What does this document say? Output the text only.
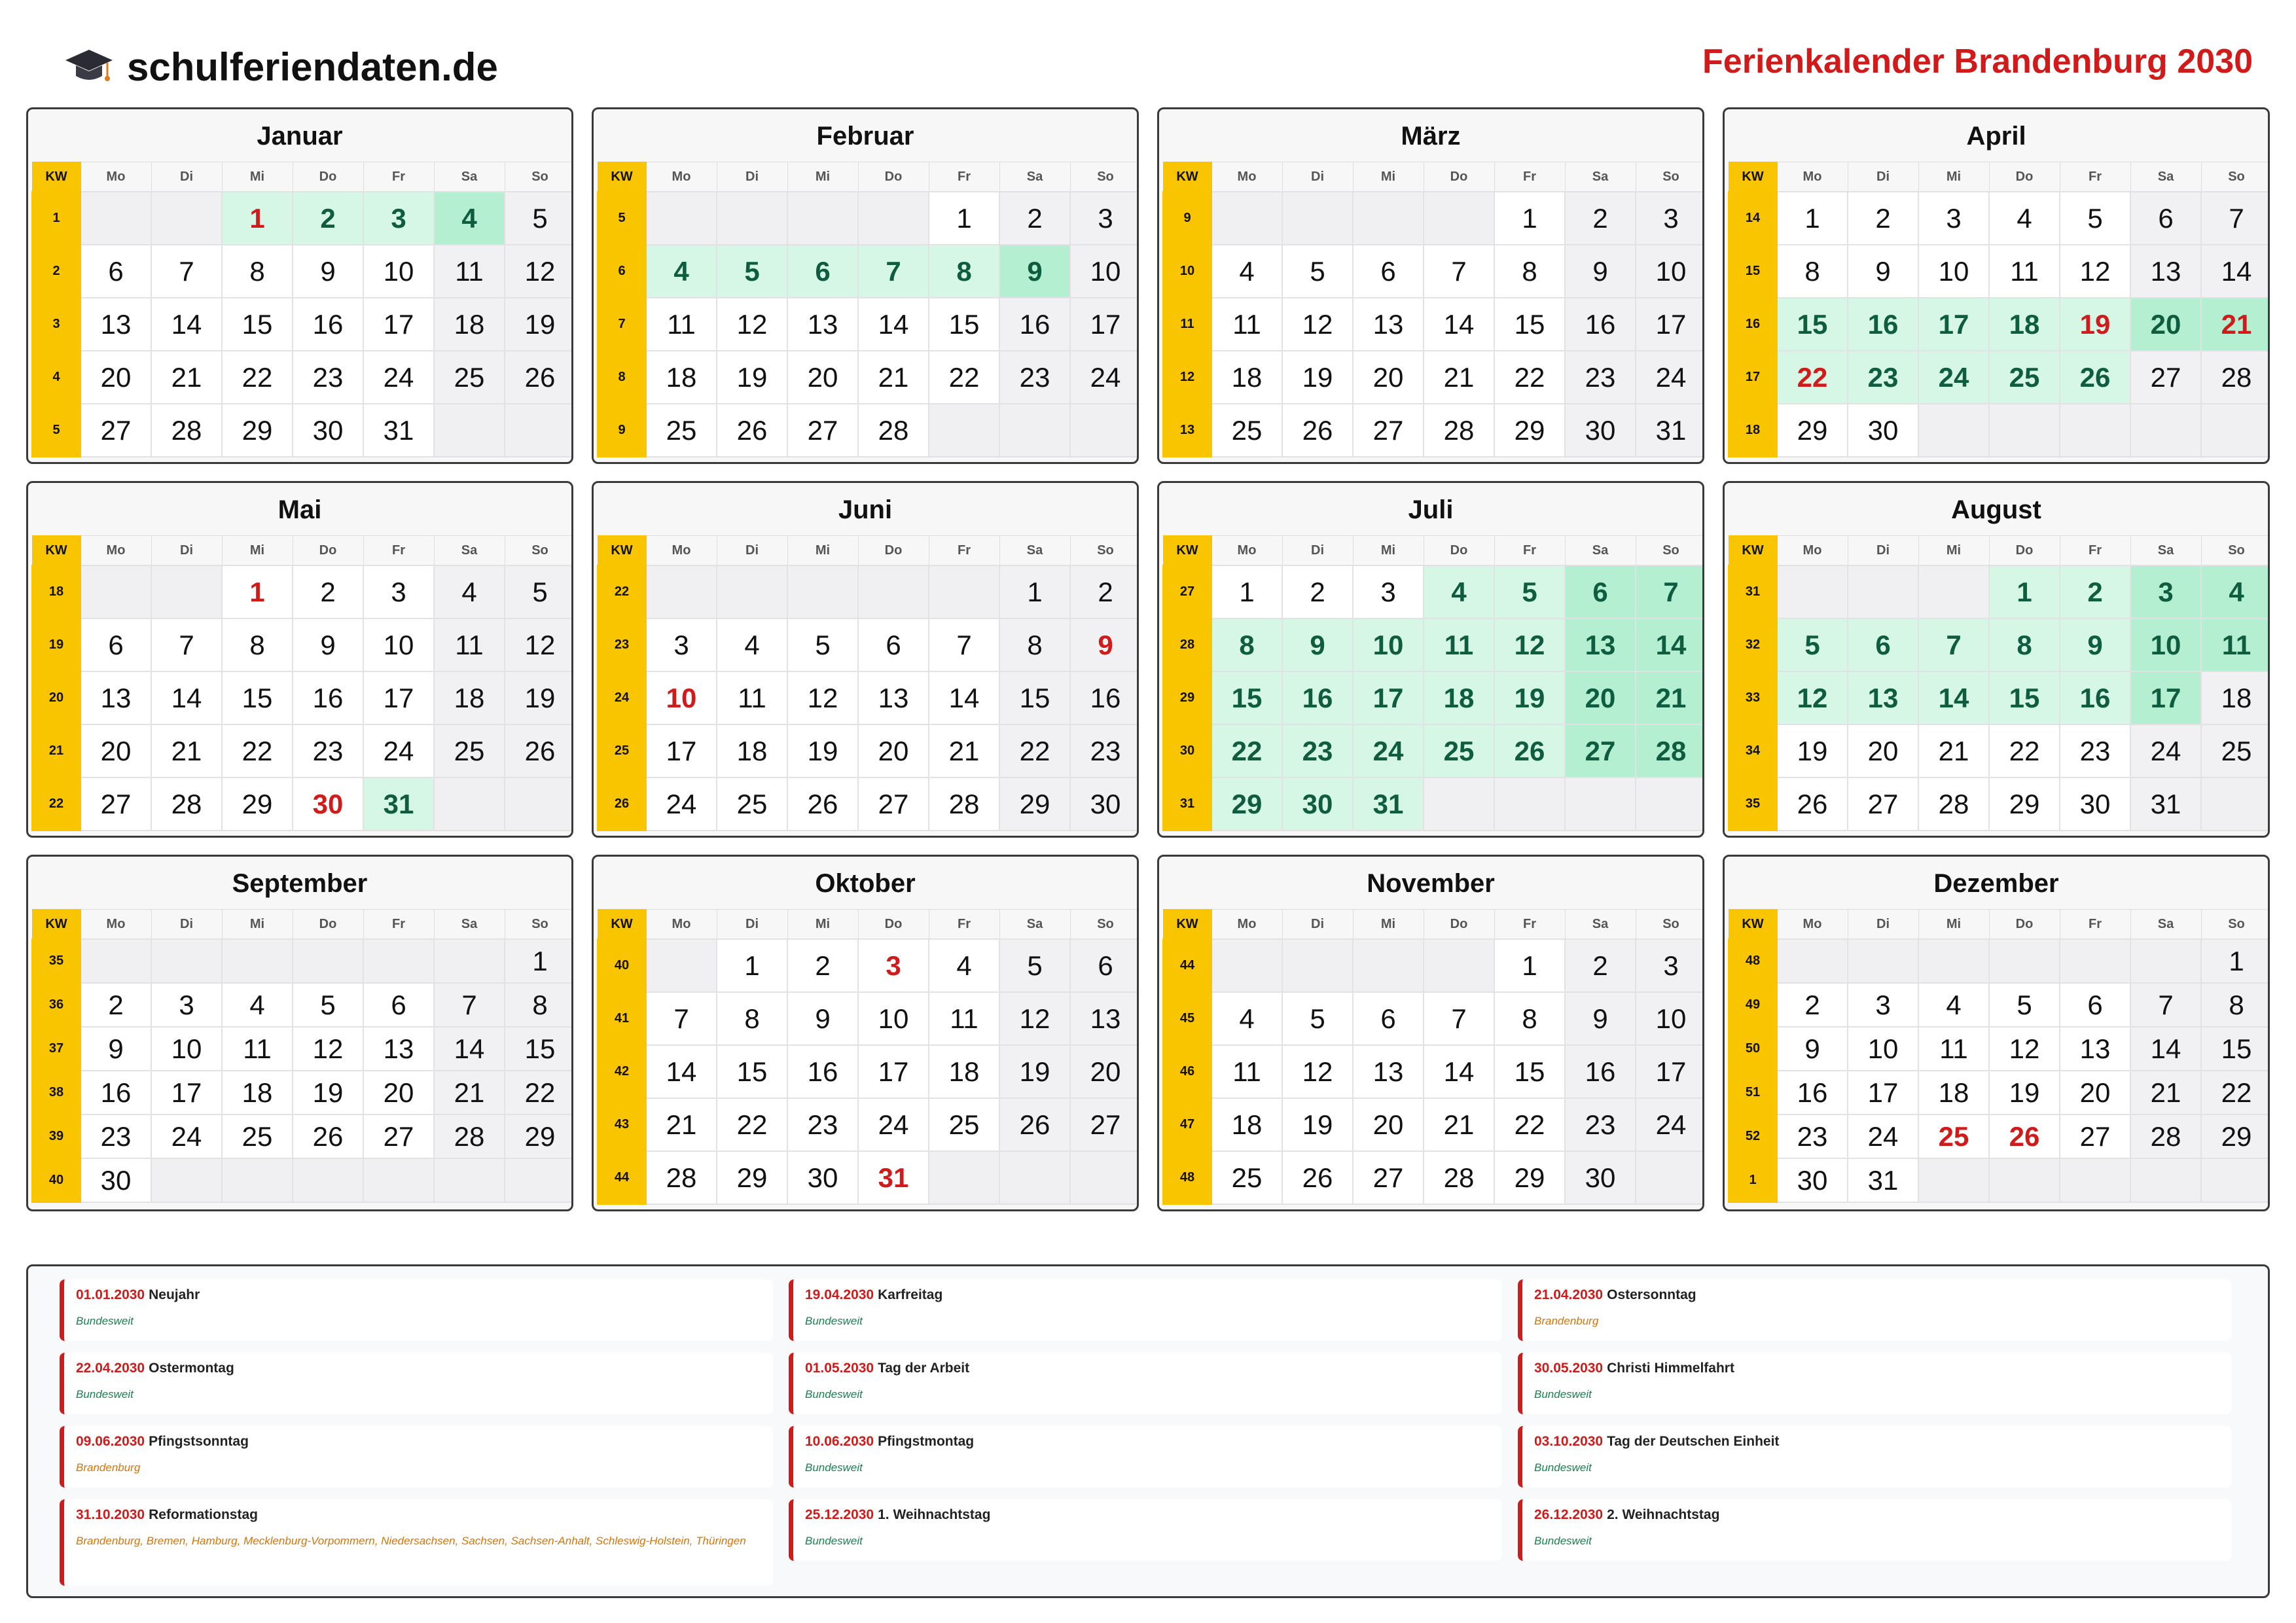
schulferiendaten.de	Ferienkalender Brandenburg 2030
Januar
KW	Mo	Di	Mi	Do	Fr	Sa	So
1			1	2	3	4	5
2	6	7	8	9	10	11	12
3	13	14	15	16	17	18	19
4	20	21	22	23	24	25	26
5	27	28	29	30	31		
Februar
KW	Mo	Di	Mi	Do	Fr	Sa	So
5					1	2	3
6	4	5	6	7	8	9	10
7	11	12	13	14	15	16	17
8	18	19	20	21	22	23	24
9	25	26	27	28			
März
KW	Mo	Di	Mi	Do	Fr	Sa	So
9					1	2	3
10	4	5	6	7	8	9	10
11	11	12	13	14	15	16	17
12	18	19	20	21	22	23	24
13	25	26	27	28	29	30	31
April
KW	Mo	Di	Mi	Do	Fr	Sa	So
14	1	2	3	4	5	6	7
15	8	9	10	11	12	13	14
16	15	16	17	18	19	20	21
17	22	23	24	25	26	27	28
18	29	30					
Mai
KW	Mo	Di	Mi	Do	Fr	Sa	So
18			1	2	3	4	5
19	6	7	8	9	10	11	12
20	13	14	15	16	17	18	19
21	20	21	22	23	24	25	26
22	27	28	29	30	31		
Juni
KW	Mo	Di	Mi	Do	Fr	Sa	So
22						1	2
23	3	4	5	6	7	8	9
24	10	11	12	13	14	15	16
25	17	18	19	20	21	22	23
26	24	25	26	27	28	29	30
Juli
KW	Mo	Di	Mi	Do	Fr	Sa	So
27	1	2	3	4	5	6	7
28	8	9	10	11	12	13	14
29	15	16	17	18	19	20	21
30	22	23	24	25	26	27	28
31	29	30	31				
August
KW	Mo	Di	Mi	Do	Fr	Sa	So
31				1	2	3	4
32	5	6	7	8	9	10	11
33	12	13	14	15	16	17	18
34	19	20	21	22	23	24	25
35	26	27	28	29	30	31	
September
KW	Mo	Di	Mi	Do	Fr	Sa	So
35							1
36	2	3	4	5	6	7	8
37	9	10	11	12	13	14	15
38	16	17	18	19	20	21	22
39	23	24	25	26	27	28	29
40	30						
Oktober
KW	Mo	Di	Mi	Do	Fr	Sa	So
40		1	2	3	4	5	6
41	7	8	9	10	11	12	13
42	14	15	16	17	18	19	20
43	21	22	23	24	25	26	27
44	28	29	30	31			
November
KW	Mo	Di	Mi	Do	Fr	Sa	So
44					1	2	3
45	4	5	6	7	8	9	10
46	11	12	13	14	15	16	17
47	18	19	20	21	22	23	24
48	25	26	27	28	29	30	
Dezember
KW	Mo	Di	Mi	Do	Fr	Sa	So
48							1
49	2	3	4	5	6	7	8
50	9	10	11	12	13	14	15
51	16	17	18	19	20	21	22
52	23	24	25	26	27	28	29
1	30	31					
01.01.2030 Neujahr
Bundesweit
19.04.2030 Karfreitag
Bundesweit
21.04.2030 Ostersonntag
Brandenburg
22.04.2030 Ostermontag
Bundesweit
01.05.2030 Tag der Arbeit
Bundesweit
30.05.2030 Christi Himmelfahrt
Bundesweit
09.06.2030 Pfingstsonntag
Brandenburg
10.06.2030 Pfingstmontag
Bundesweit
03.10.2030 Tag der Deutschen Einheit
Bundesweit
31.10.2030 Reformationstag
Brandenburg, Bremen, Hamburg, Mecklenburg-Vorpommern, Niedersachsen, Sachsen, Sachsen-Anhalt, Schleswig-Holstein, Thüringen
25.12.2030 1. Weihnachtstag
Bundesweit
26.12.2030 2. Weihnachtstag
Bundesweit
